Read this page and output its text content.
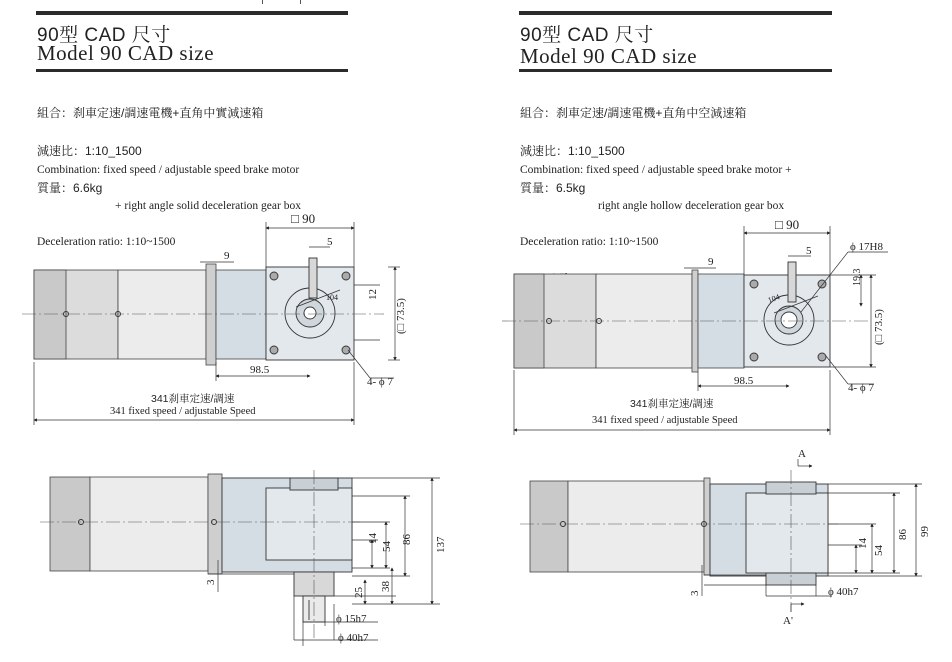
90型 CAD 尺寸
Model 90 CAD size

組合：刹車定速/調速電機+直角中實減速箱

減速比：1:10_1500

質量：6.6kg

Combination: fixed speed / adjustable speed brake motor

+ right angle solid deceleration gear box

Deceleration ratio: 1:10~1500

□ 90
5
9
104	12
(□ 73.5)
98.5
4- ϕ 7
341刹車定速/調速
341 fixed speed / adjustable Speed
137
86
54
14
38
25
3
ϕ 15h7
ϕ 40h7
90型 CAD 尺寸
Model 90 CAD size

組合：刹車定速/調速電機+直角中空減速箱

減速比：1:10_1500

質量：6.5kg

Combination: fixed speed / adjustable speed brake motor +

right angle hollow deceleration gear box

Deceleration ratio: 1:10~1500

□ 90
5
9
104
ϕ 17H8
19.3
(□ 73.5)
98.5
4- ϕ 7
341刹車定速/調速
341 fixed speed / adjustable Speed
A
A'
99
86
54
14
3	ϕ 40h7
